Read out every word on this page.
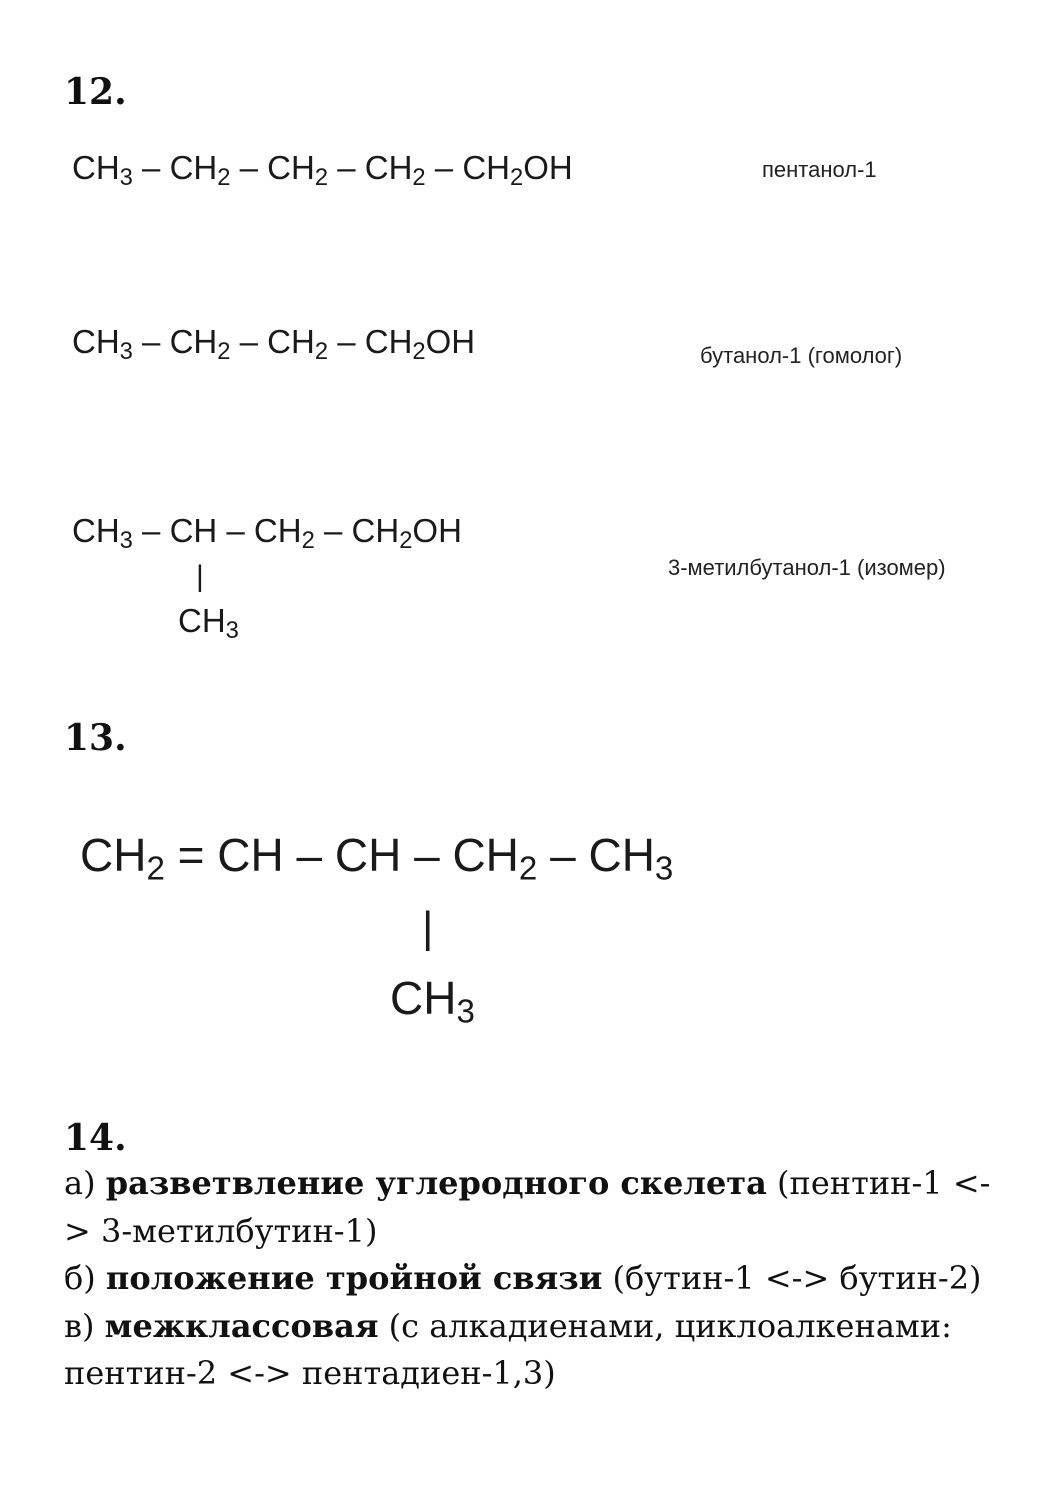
12.
$CH_3 - CH_2 - CH_2 - CH_2 - CH_2OH$	пентанол-1
$CH_3 - CH_2 - CH_2 - CH_2OH$	бутанол-1 (гомолог)
$CH_3$ – CH – $CH_2 - CH_2OH$
|
$CH_3$
3-метилбутанол-1 (изомер)
13.
$CH_2$ = CH – CH – $CH_2 - CH_3$
|
$CH_3$
14.
а) разветвление углеродного скелета (пентин-1 <-> 3-метилбутин-1)
б) положение тройной связи (бутин-1 <-> бутин-2)
в) межклассовая (с алкадиенами, циклоалкенами: пентин-2 <-> пентадиен-1,3)
